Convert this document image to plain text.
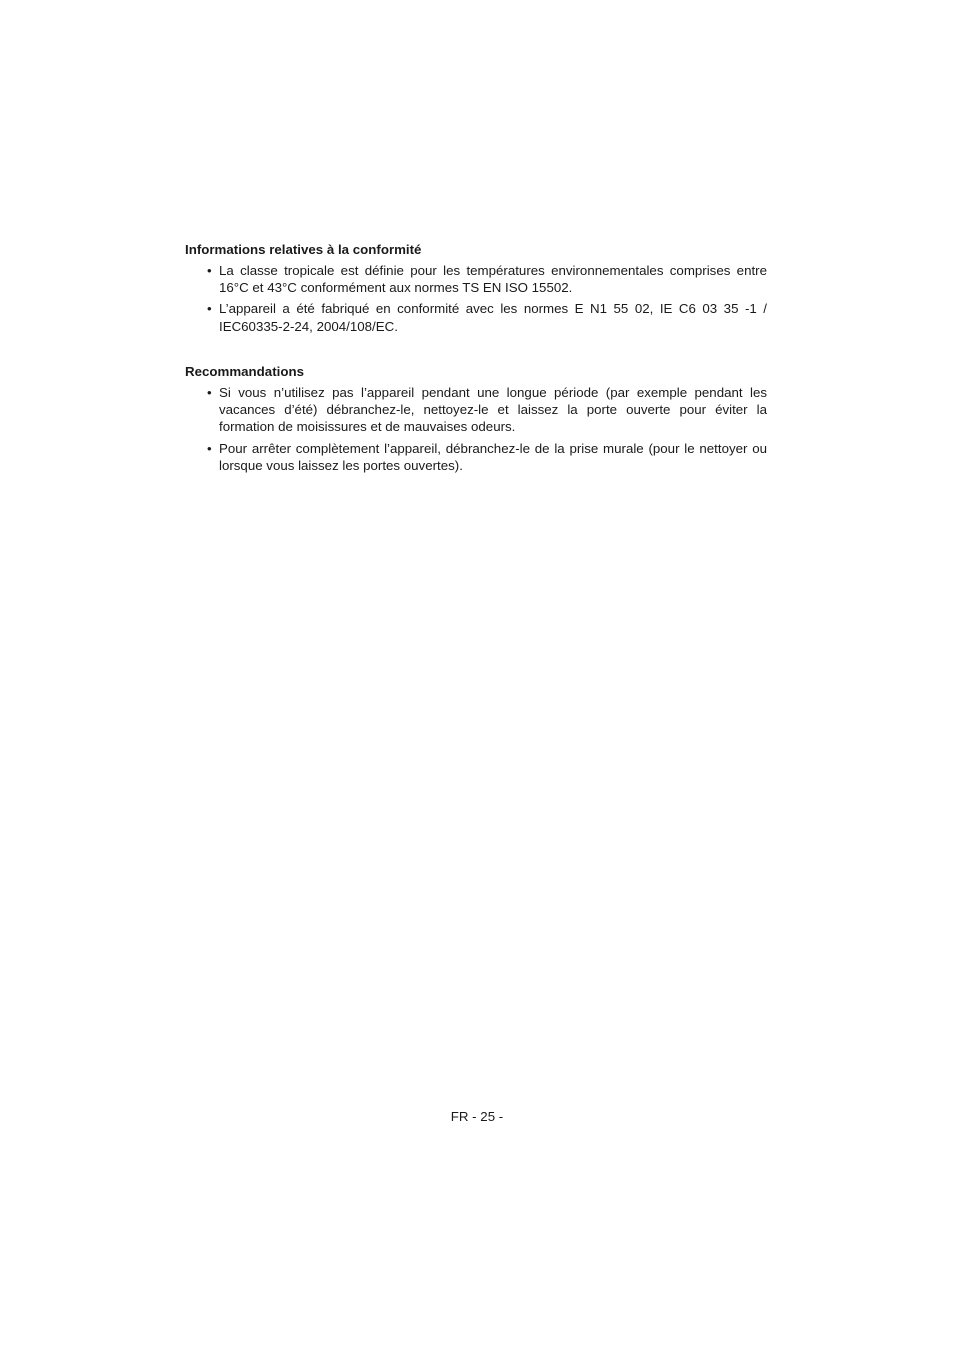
Informations relatives à la conformité
• La classe tropicale est définie pour les températures environnementales comprises entre 16°C et 43°C conformément aux normes TS EN ISO 15502.
• L’appareil a été fabriqué en conformité avec les normes E N1 55 02, IE C6 03 35 -1 / IEC60335-2-24, 2004/108/EC.
Recommandations
• Si vous n’utilisez pas l’appareil pendant une longue période (par exemple pendant les vacances d’été) débranchez-le, nettoyez-le et laissez la porte ouverte pour éviter la formation de moisissures et de mauvaises odeurs.
• Pour arrêter complètement l’appareil, débranchez-le de la prise murale (pour le nettoyer ou lorsque vous laissez les portes ouvertes).
FR - 25 -
